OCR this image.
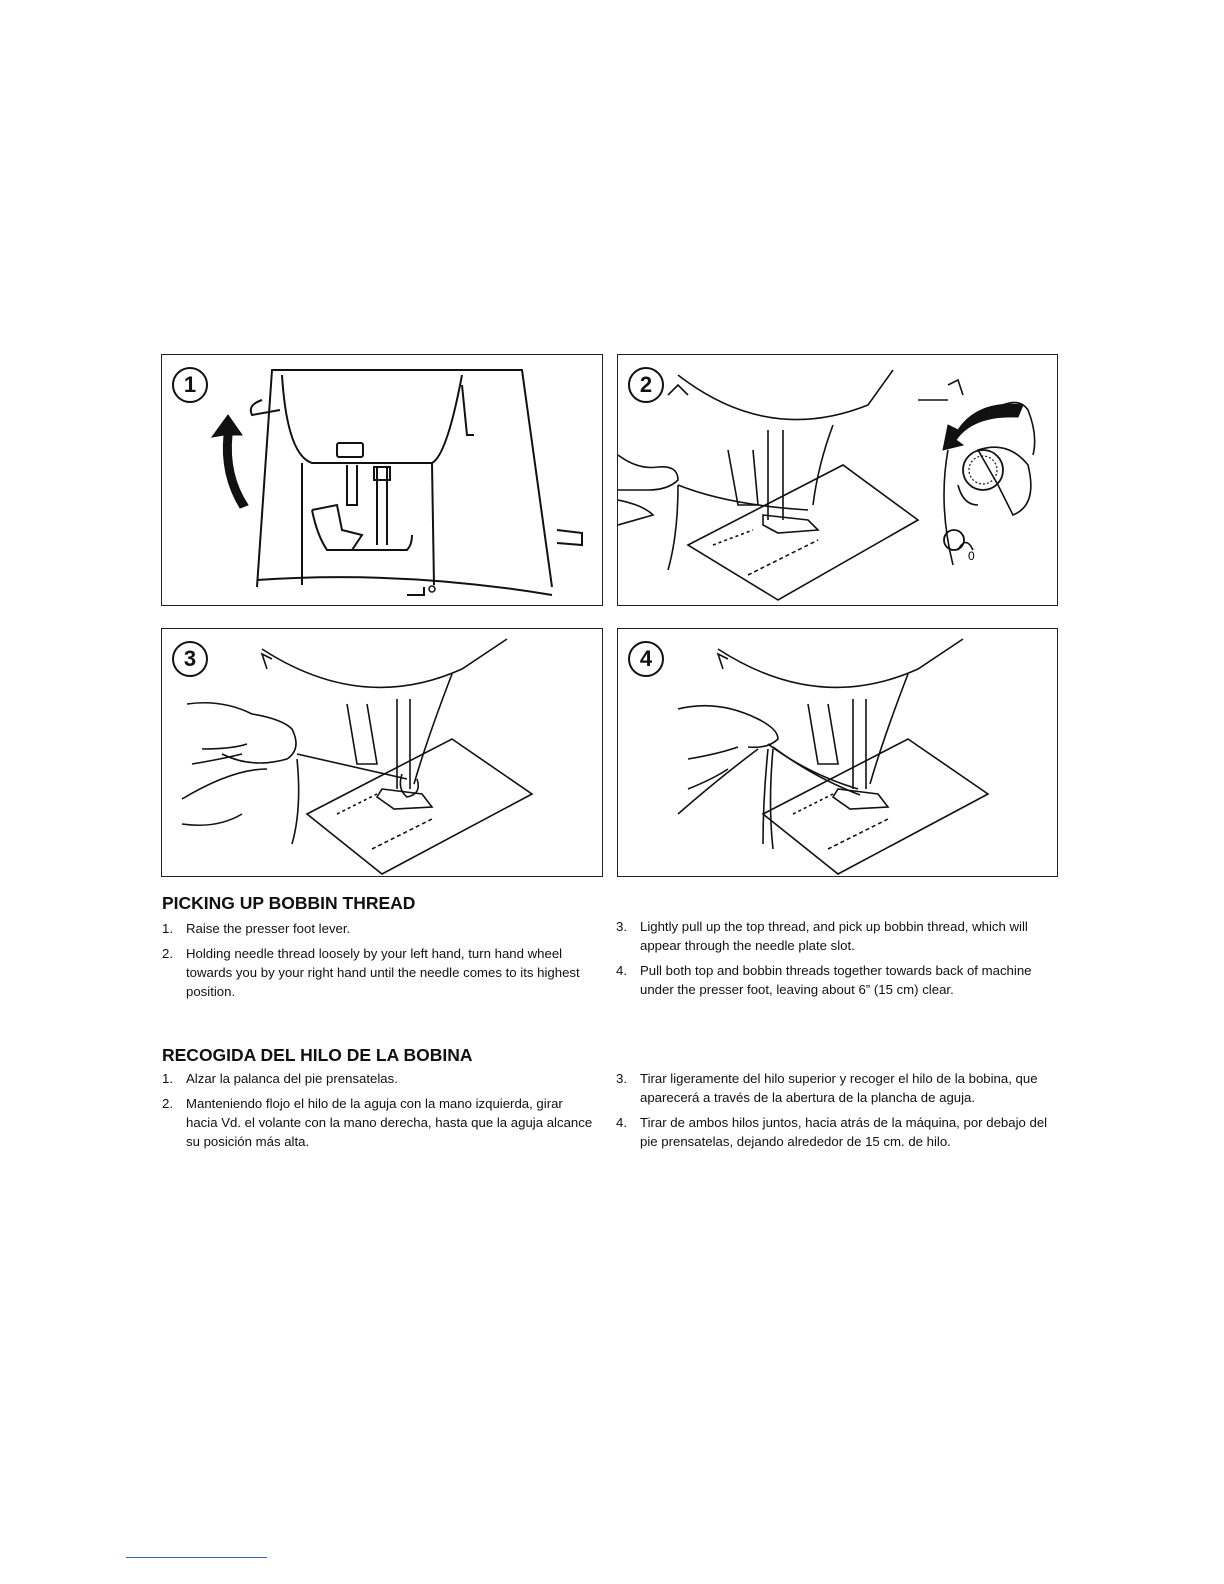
1	2
0
3	4
PICKING UP BOBBIN THREAD
1. Raise the presser foot lever.
2. Holding needle thread loosely by your left hand, turn hand wheel towards you by your right hand until the needle comes to its highest position.
3. Lightly pull up the top thread, and pick up bobbin thread, which will appear through the needle plate slot.
4. Pull both top and bobbin threads together towards back of machine under the presser foot, leaving about 6” (15 cm) clear.
RECOGIDA DEL HILO DE LA BOBINA
1. Alzar la palanca del pie prensatelas.
2. Manteniendo flojo el hilo de la aguja con la mano izquierda, girar hacia Vd. el volante con la mano derecha, hasta que la aguja alcance su posición más alta.
3. Tirar ligeramente del hilo superior y recoger el hilo de la bobina, que aparecerá a través de la abertura de la plancha de aguja.
4. Tirar de ambos hilos juntos, hacia atrás de la máquina, por debajo del pie prensatelas, dejando alrededor de 15 cm. de hilo.
